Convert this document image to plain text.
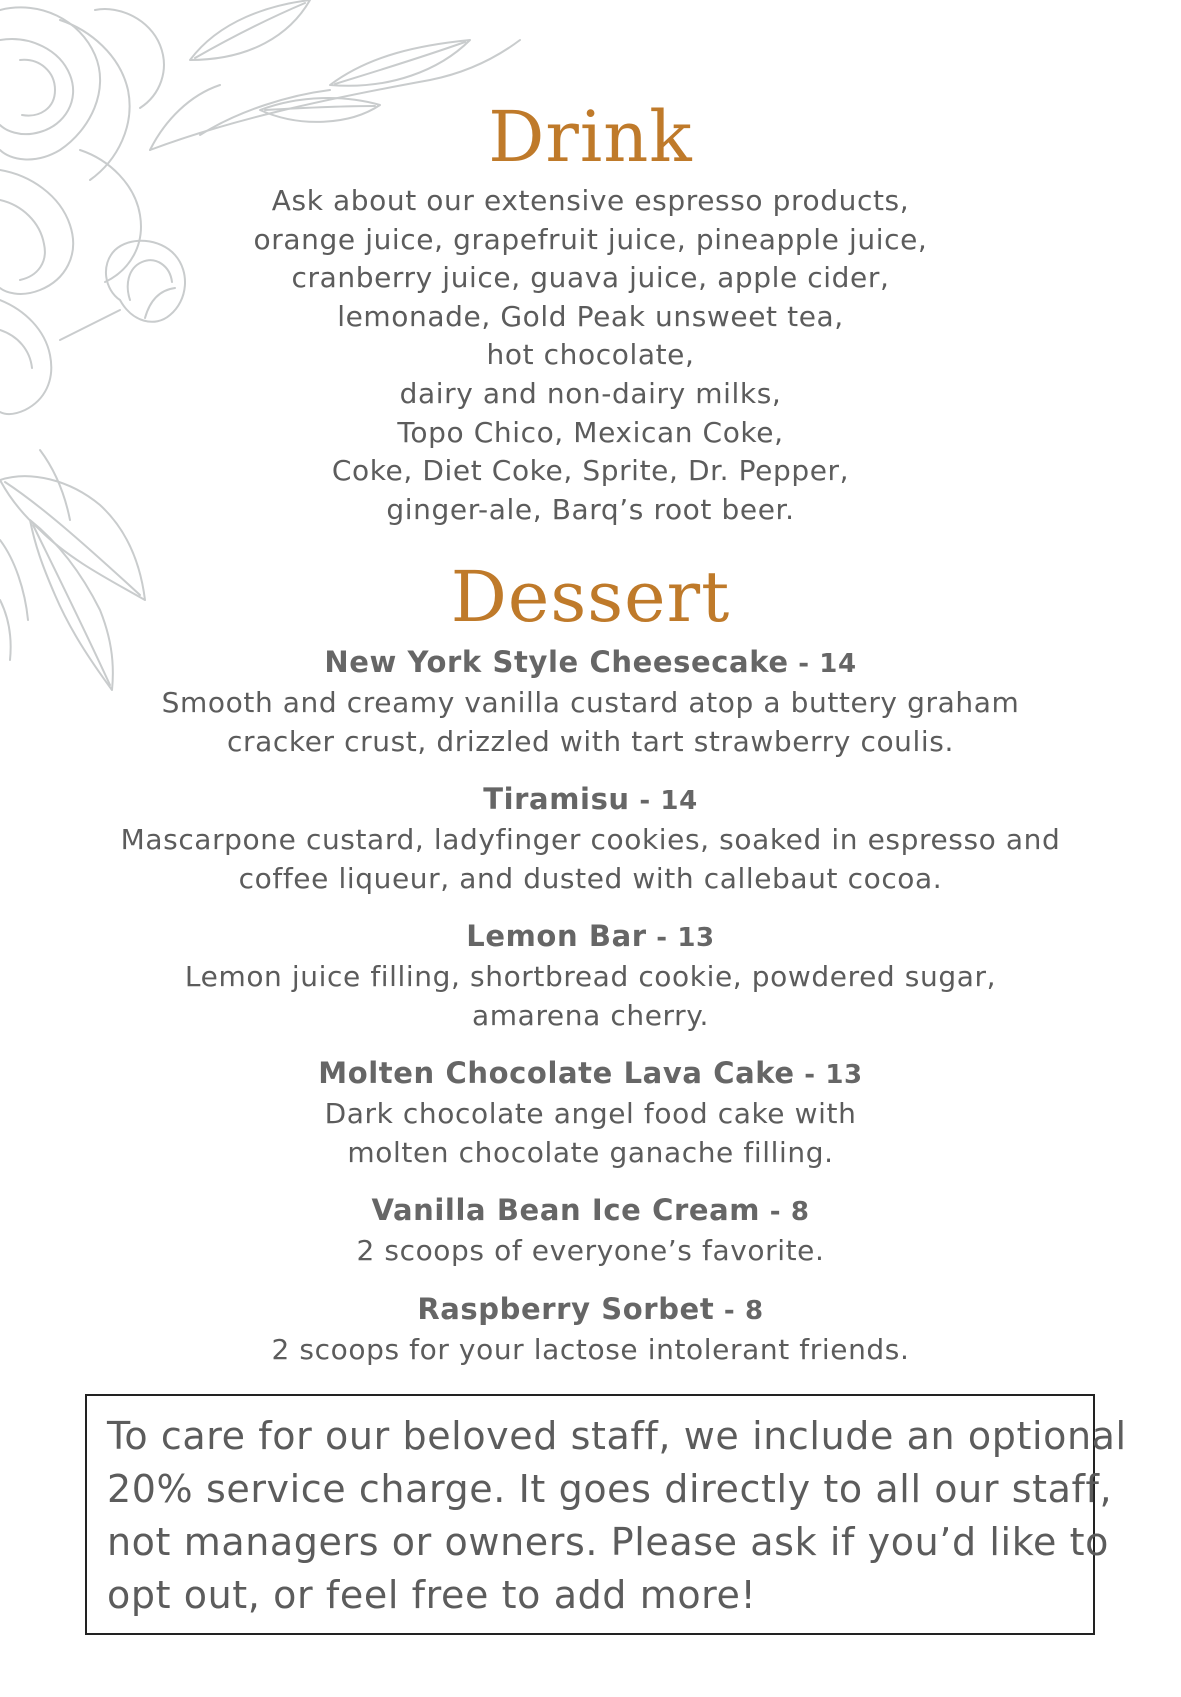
Drink
Ask about our extensive espresso products,
orange juice, grapefruit juice, pineapple juice,
cranberry juice, guava juice, apple cider,
lemonade, Gold Peak unsweet tea,
hot chocolate,
dairy and non-dairy milks,
Topo Chico, Mexican Coke,
Coke, Diet Coke, Sprite, Dr. Pepper,
ginger-ale, Barq’s root beer.
Dessert
New York Style Cheesecake - 14
Smooth and creamy vanilla custard atop a buttery graham
cracker crust, drizzled with tart strawberry coulis.
Tiramisu - 14
Mascarpone custard, ladyfinger cookies, soaked in espresso and
coffee liqueur, and dusted with callebaut cocoa.
Lemon Bar - 13
Lemon juice filling, shortbread cookie, powdered sugar,
amarena cherry.
Molten Chocolate Lava Cake - 13
Dark chocolate angel food cake with
molten chocolate ganache filling.
Vanilla Bean Ice Cream - 8
2 scoops of everyone’s favorite.
Raspberry Sorbet - 8
2 scoops for your lactose intolerant friends.
To care for our beloved staff, we include an optional
20% service charge. It goes directly to all our staff,
not managers or owners. Please ask if you’d like to
opt out, or feel free to add more!
